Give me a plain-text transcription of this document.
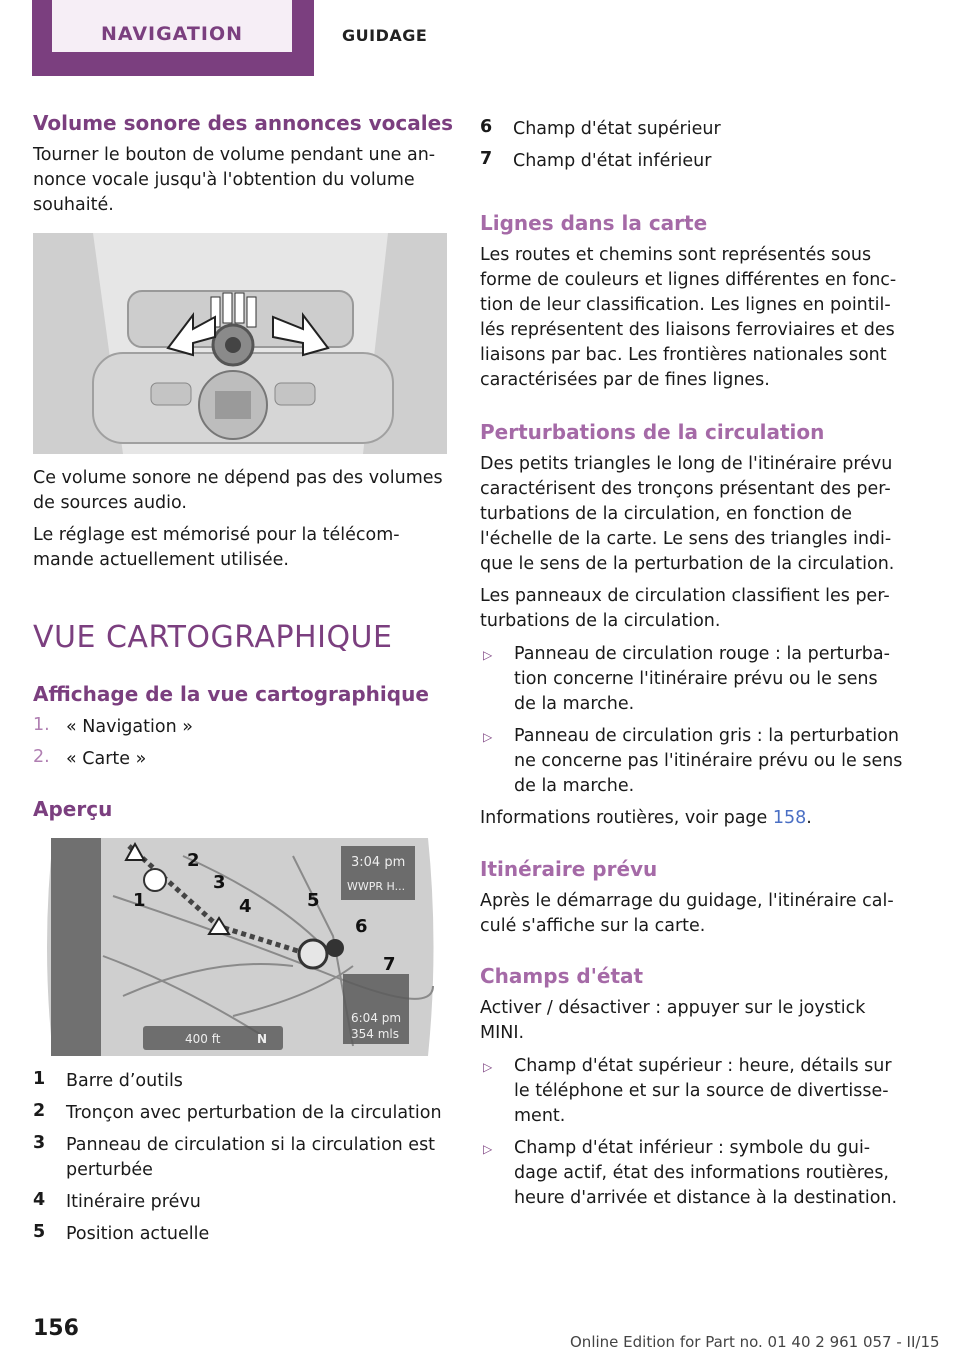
NAVIGATION	GUIDAGE
Volume sonore des annonces vocales
Tourner le bouton de volume pendant une an-
nonce vocale jusqu'à l'obtention du volume
souhaité.
Ce volume sonore ne dépend pas des volumes
de sources audio.
Le réglage est mémorisé pour la télécom-
mande actuellement utilisée.
VUE CARTOGRAPHIQUE
Affichage de la vue cartographique
1. « Navigation »
2. « Carte »
Aperçu
3:04 pm
WWPR H...
6:04 pm
354 mls
400 ft	N
1
2
3
4	5
6
7
1 Barre d’outils
2 Tronçon avec perturbation de la circulation
3 Panneau de circulation si la circulation est
perturbée
4 Itinéraire prévu
5 Position actuelle
6 Champ d'état supérieur
7 Champ d'état inférieur
Lignes dans la carte
Les routes et chemins sont représentés sous
forme de couleurs et lignes différentes en fonc-
tion de leur classification. Les lignes en pointil-
lés représentent des liaisons ferroviaires et des
liaisons par bac. Les frontières nationales sont
caractérisées par de fines lignes.
Perturbations de la circulation
Des petits triangles le long de l'itinéraire prévu
caractérisent des tronçons présentant des per-
turbations de la circulation, en fonction de
l'échelle de la carte. Le sens des triangles indi-
que le sens de la perturbation de la circulation.
Les panneaux de circulation classifient les per-
turbations de la circulation.
▷ Panneau de circulation rouge : la perturba-
tion concerne l'itinéraire prévu ou le sens
de la marche.
▷ Panneau de circulation gris : la perturbation
ne concerne pas l'itinéraire prévu ou le sens
de la marche.
Informations routières, voir page 158.
Itinéraire prévu
Après le démarrage du guidage, l'itinéraire cal-
culé s'affiche sur la carte.
Champs d'état
Activer / désactiver : appuyer sur le joystick
MINI.
▷ Champ d'état supérieur : heure, détails sur
le téléphone et sur la source de divertisse-
ment.
▷ Champ d'état inférieur : symbole du gui-
dage actif, état des informations routières,
heure d'arrivée et distance à la destination.
156
Online Edition for Part no. 01 40 2 961 057 - II/15
